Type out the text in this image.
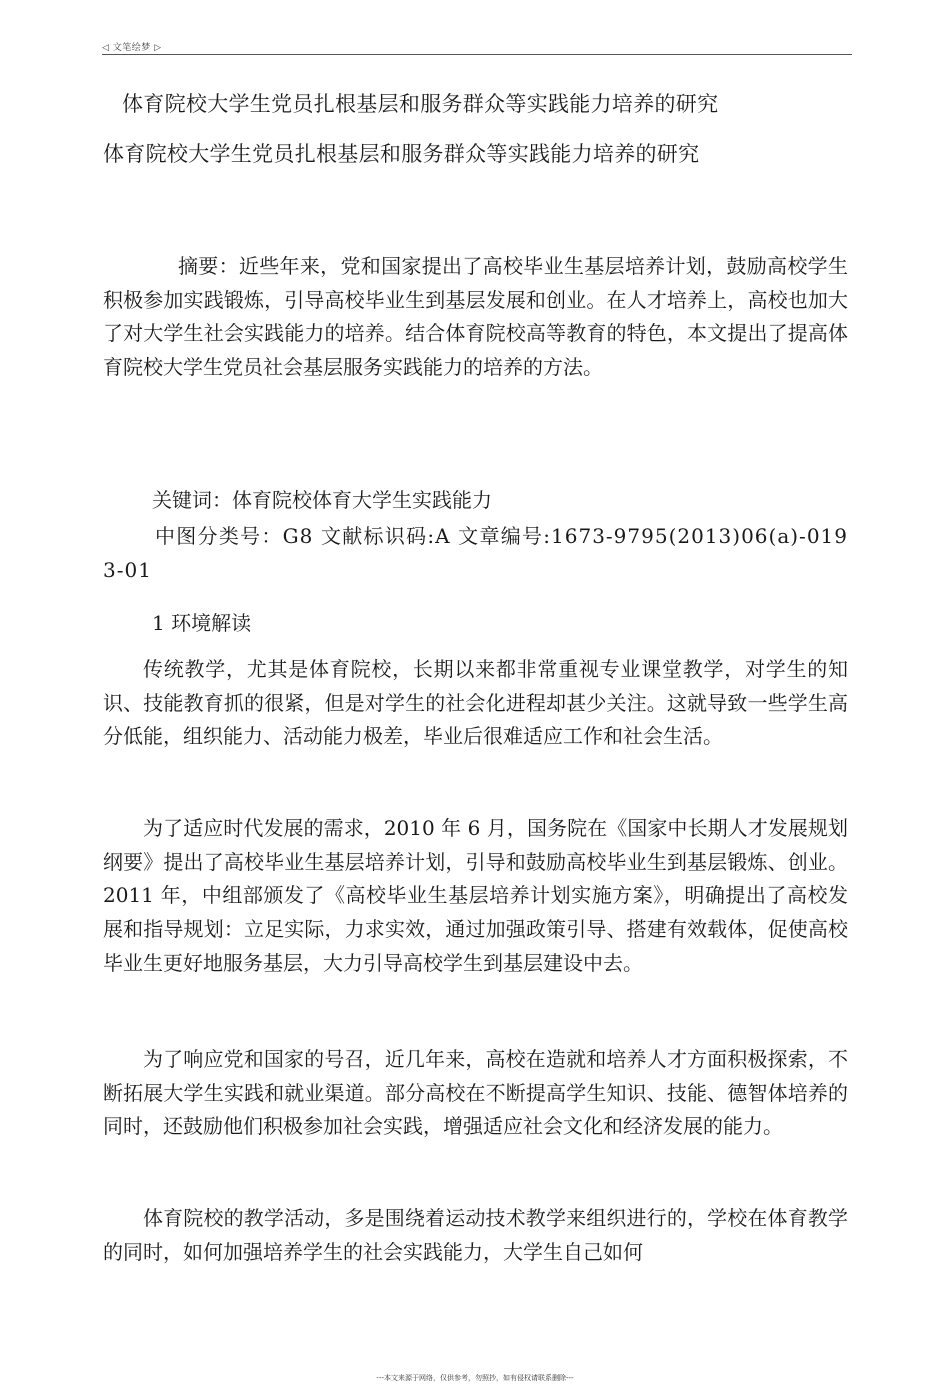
◁ 文笔绘梦 ▷
体育院校大学生党员扎根基层和服务群众等实践能力培养的研究
体育院校大学生党员扎根基层和服务群众等实践能力培养的研究
摘要：近些年来，党和国家提出了高校毕业生基层培养计划，鼓励高校学生积极参加实践锻炼，引导高校毕业生到基层发展和创业。在人才培养上，高校也加大了对大学生社会实践能力的培养。结合体育院校高等教育的特色，本文提出了提高体育院校大学生党员社会基层服务实践能力的培养的方法。
关键词：体育院校体育大学生实践能力
中图分类号：G8 文献标识码:A 文章编号:1673-9795(2013)06(a)-0193-01
1 环境解读
传统教学，尤其是体育院校，长期以来都非常重视专业课堂教学，对学生的知识、技能教育抓的很紧，但是对学生的社会化进程却甚少关注。这就导致一些学生高分低能，组织能力、活动能力极差，毕业后很难适应工作和社会生活。
为了适应时代发展的需求，2010 年 6 月，国务院在《国家中长期人才发展规划纲要》提出了高校毕业生基层培养计划，引导和鼓励高校毕业生到基层锻炼、创业。2011 年，中组部颁发了《高校毕业生基层培养计划实施方案》，明确提出了高校发展和指导规划：立足实际，力求实效，通过加强政策引导、搭建有效载体，促使高校毕业生更好地服务基层，大力引导高校学生到基层建设中去。
为了响应党和国家的号召，近几年来，高校在造就和培养人才方面积极探索，不断拓展大学生实践和就业渠道。部分高校在不断提高学生知识、技能、德智体培养的同时，还鼓励他们积极参加社会实践，增强适应社会文化和经济发展的能力。
体育院校的教学活动，多是围绕着运动技术教学来组织进行的，学校在体育教学的同时，如何加强培养学生的社会实践能力，大学生自己如何
---本文来源于网络，仅供参考，勿照抄，如有侵权请联系删除---
